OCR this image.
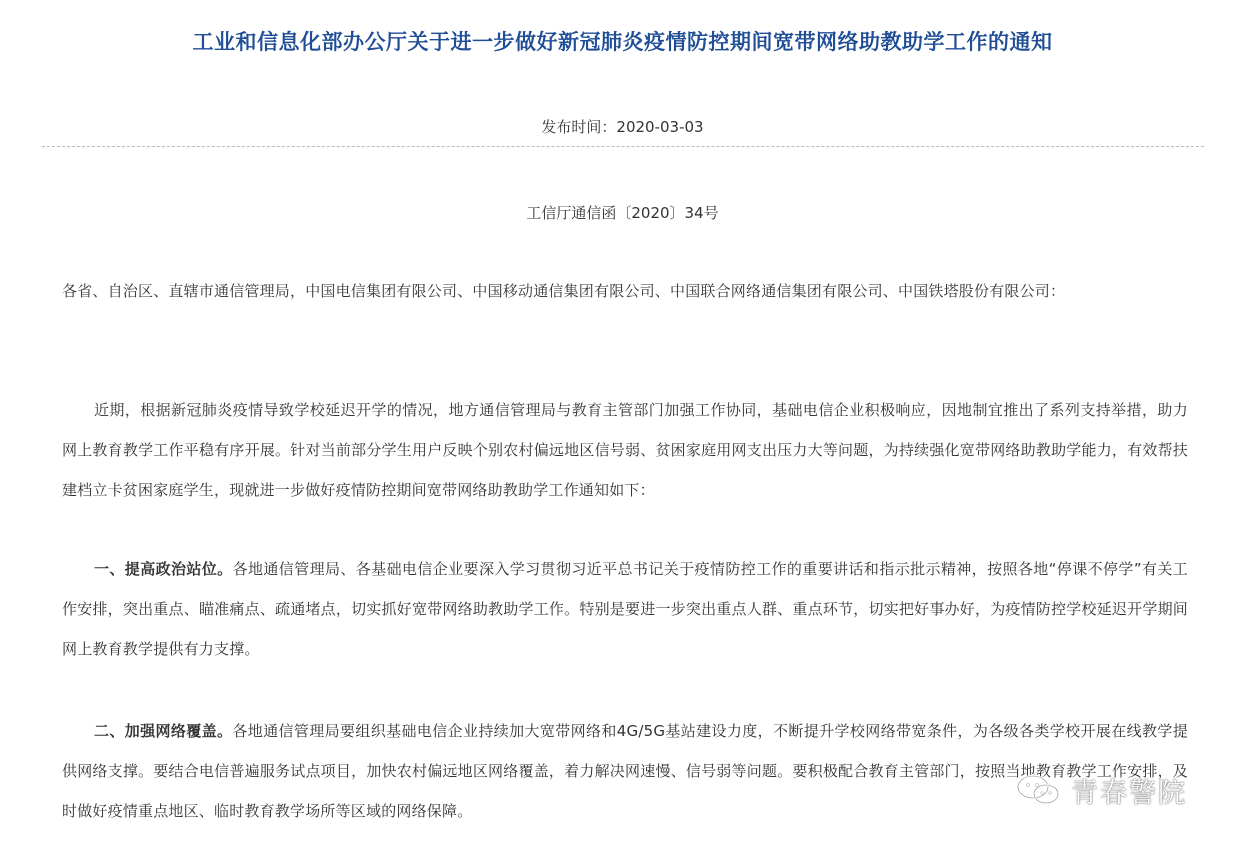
工业和信息化部办公厅关于进一步做好新冠肺炎疫情防控期间宽带网络助教助学工作的通知
发布时间：2020-03-03
工信厅通信函〔2020〕34号
各省、自治区、直辖市通信管理局，中国电信集团有限公司、中国移动通信集团有限公司、中国联合网络通信集团有限公司、中国铁塔股份有限公司：
近期，根据新冠肺炎疫情导致学校延迟开学的情况，地方通信管理局与教育主管部门加强工作协同，基础电信企业积极响应，因地制宜推出了系列支持举措，助力网上教育教学工作平稳有序开展。针对当前部分学生用户反映个别农村偏远地区信号弱、贫困家庭用网支出压力大等问题，为持续强化宽带网络助教助学能力，有效帮扶建档立卡贫困家庭学生，现就进一步做好疫情防控期间宽带网络助教助学工作通知如下：
一、提高政治站位。各地通信管理局、各基础电信企业要深入学习贯彻习近平总书记关于疫情防控工作的重要讲话和指示批示精神，按照各地“停课不停学”有关工作安排，突出重点、瞄准痛点、疏通堵点，切实抓好宽带网络助教助学工作。特别是要进一步突出重点人群、重点环节，切实把好事办好，为疫情防控学校延迟开学期间网上教育教学提供有力支撑。
二、加强网络覆盖。各地通信管理局要组织基础电信企业持续加大宽带网络和4G/5G基站建设力度，不断提升学校网络带宽条件，为各级各类学校开展在线教学提供网络支撑。要结合电信普遍服务试点项目，加快农村偏远地区网络覆盖，着力解决网速慢、信号弱等问题。要积极配合教育主管部门，按照当地教育教学工作安排，及时做好疫情重点地区、临时教育教学场所等区域的网络保障。
青春警院
